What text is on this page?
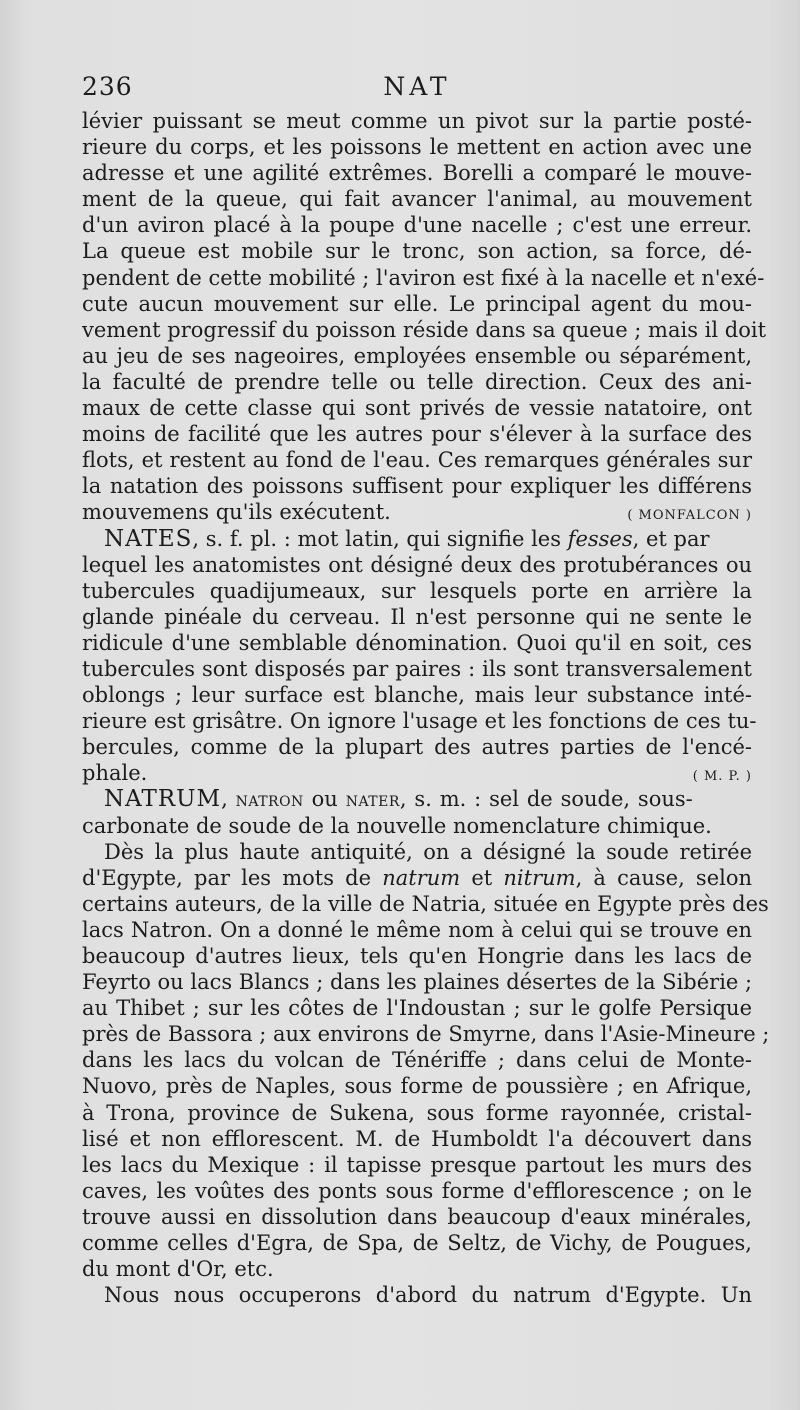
236	NAT
lévier puissant se meut comme un pivot sur la partie posté-
rieure du corps, et les poissons le mettent en action avec une
adresse et une agilité extrêmes. Borelli a comparé le mouve-
ment de la queue, qui fait avancer l'animal, au mouvement
d'un aviron placé à la poupe d'une nacelle ; c'est une erreur.
La queue est mobile sur le tronc, son action, sa force, dé-
pendent de cette mobilité ; l'aviron est fixé à la nacelle et n'exé-
cute aucun mouvement sur elle. Le principal agent du mou-
vement progressif du poisson réside dans sa queue ; mais il doit
au jeu de ses nageoires, employées ensemble ou séparément,
la faculté de prendre telle ou telle direction. Ceux des ani-
maux de cette classe qui sont privés de vessie natatoire, ont
moins de facilité que les autres pour s'élever à la surface des
flots, et restent au fond de l'eau. Ces remarques générales sur
la natation des poissons suffisent pour expliquer les différens
mouvemens qu'ils exécutent.	( MONFALCON )
NATES, s. f. pl. : mot latin, qui signifie les fesses, et par
lequel les anatomistes ont désigné deux des protubérances ou
tubercules quadijumeaux, sur lesquels porte en arrière la
glande pinéale du cerveau. Il n'est personne qui ne sente le
ridicule d'une semblable dénomination. Quoi qu'il en soit, ces
tubercules sont disposés par paires : ils sont transversalement
oblongs ; leur surface est blanche, mais leur substance inté-
rieure est grisâtre. On ignore l'usage et les fonctions de ces tu-
bercules, comme de la plupart des autres parties de l'encé-
phale.	( M. P. )
NATRUM, NATRON ou NATER, s. m. : sel de soude, sous-
carbonate de soude de la nouvelle nomenclature chimique.
Dès la plus haute antiquité, on a désigné la soude retirée
d'Egypte, par les mots de natrum et nitrum, à cause, selon
certains auteurs, de la ville de Natria, située en Egypte près des
lacs Natron. On a donné le même nom à celui qui se trouve en
beaucoup d'autres lieux, tels qu'en Hongrie dans les lacs de
Feyrto ou lacs Blancs ; dans les plaines désertes de la Sibérie ;
au Thibet ; sur les côtes de l'Indoustan ; sur le golfe Persique
près de Bassora ; aux environs de Smyrne, dans l'Asie-Mineure ;
dans les lacs du volcan de Ténériffe ; dans celui de Monte-
Nuovo, près de Naples, sous forme de poussière ; en Afrique,
à Trona, province de Sukena, sous forme rayonnée, cristal-
lisé et non efflorescent. M. de Humboldt l'a découvert dans
les lacs du Mexique : il tapisse presque partout les murs des
caves, les voûtes des ponts sous forme d'efflorescence ; on le
trouve aussi en dissolution dans beaucoup d'eaux minérales,
comme celles d'Egra, de Spa, de Seltz, de Vichy, de Pougues,
du mont d'Or, etc.
Nous nous occuperons d'abord du natrum d'Egypte. Un
